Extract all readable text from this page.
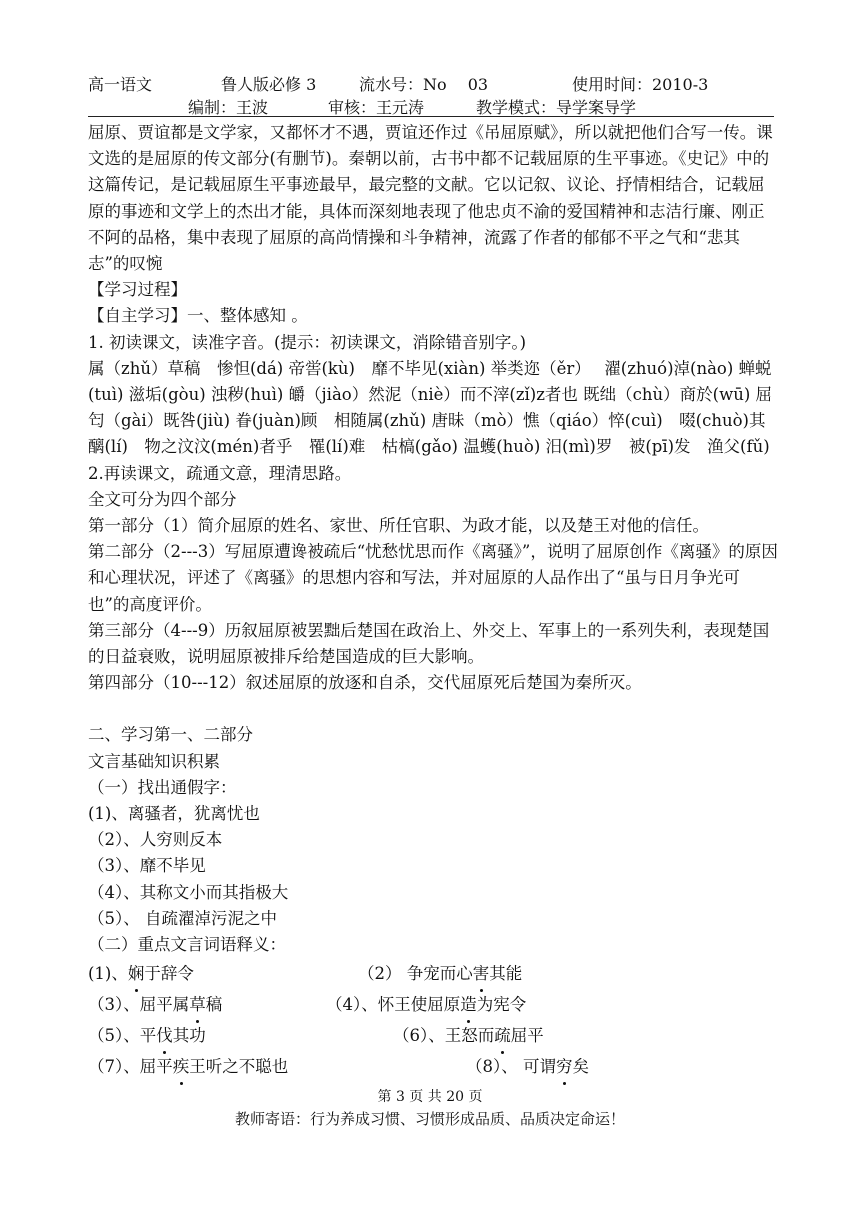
高一语文	鲁人版必修 3	流水号：No　 03	使用时间：2010-3
编制：王波	审核：王元涛	教学模式：导学案导学

屈原、贾谊都是文学家，又都怀才不遇，贾谊还作过《吊屈原赋》，所以就把他们合写一传。课文选的是屈原的传文部分(有删节)。秦朝以前，古书中都不记载屈原的生平事迹。《史记》中的这篇传记，是记载屈原生平事迹最早，最完整的文献。它以记叙、议论、抒情相结合，记载屈原的事迹和文学上的杰出才能，具体而深刻地表现了他忠贞不渝的爱国精神和志洁行廉、刚正不阿的品格，集中表现了屈原的高尚情操和斗争精神，流露了作者的郁郁不平之气和“悲其志”的叹惋

【学习过程】

【自主学习】一、整体感知 。

1. 初读课文，读准字音。(提示：初读课文，消除错音别字。)

属（zhǔ）草稿　惨怛(dá) 帝喾(kù)　靡不毕见(xiàn) 举类迩（ěr）　 濯(zhuó)淖(nào) 蝉蜕(tuì) 滋垢(gòu) 浊秽(huì) 皭（jiào）然泥（niè）而不滓(zǐ)z者也 既绌（chù）商於(wū) 屈匄（gài）既咎(jiù) 眷(juàn)顾　相随属(zhǔ) 唐昧（mò）憔（qiáo）悴(cuì)　啜(chuò)其醨(lí)　物之汶汶(mén)者乎　罹(lí)难　枯槁(gǎo) 温蠖(huò) 汨(mì)罗　被(pī)发　渔父(fǔ)

2.再读课文，疏通文意，理清思路。

全文可分为四个部分

第一部分（1）简介屈原的姓名、家世、所任官职、为政才能，以及楚王对他的信任。

第二部分（2---3）写屈原遭谗被疏后“忧愁忧思而作《离骚》”，说明了屈原创作《离骚》的原因和心理状况，评述了《离骚》的思想内容和写法，并对屈原的人品作出了“虽与日月争光可也”的高度评价。

第三部分（4---9）历叙屈原被罢黜后楚国在政治上、外交上、军事上的一系列失利，表现楚国的日益衰败，说明屈原被排斥给楚国造成的巨大影响。

第四部分（10---12）叙述屈原的放逐和自杀，交代屈原死后楚国为秦所灭。

二、学习第一、二部分

文言基础知识积累

（一）找出通假字：

(1)、离骚者，犹离忧也

（2）、人穷则反本

（3）、靡不毕见

（4）、其称文小而其指极大

（5）、 自疏濯淖污泥之中

（二）重点文言词语释义：

(1)、娴于辞令	（2） 争宠而心害其能
（3）、屈平属草稿	（4）、怀王使屈原造为宪令
（5）、平伐其功	（6）、王怒而疏屈平
（7）、屈平疾王听之不聪也	（8）、 可谓穷矣
第 3 页 共 20 页
教师寄语：行为养成习惯、习惯形成品质、品质决定命运！
